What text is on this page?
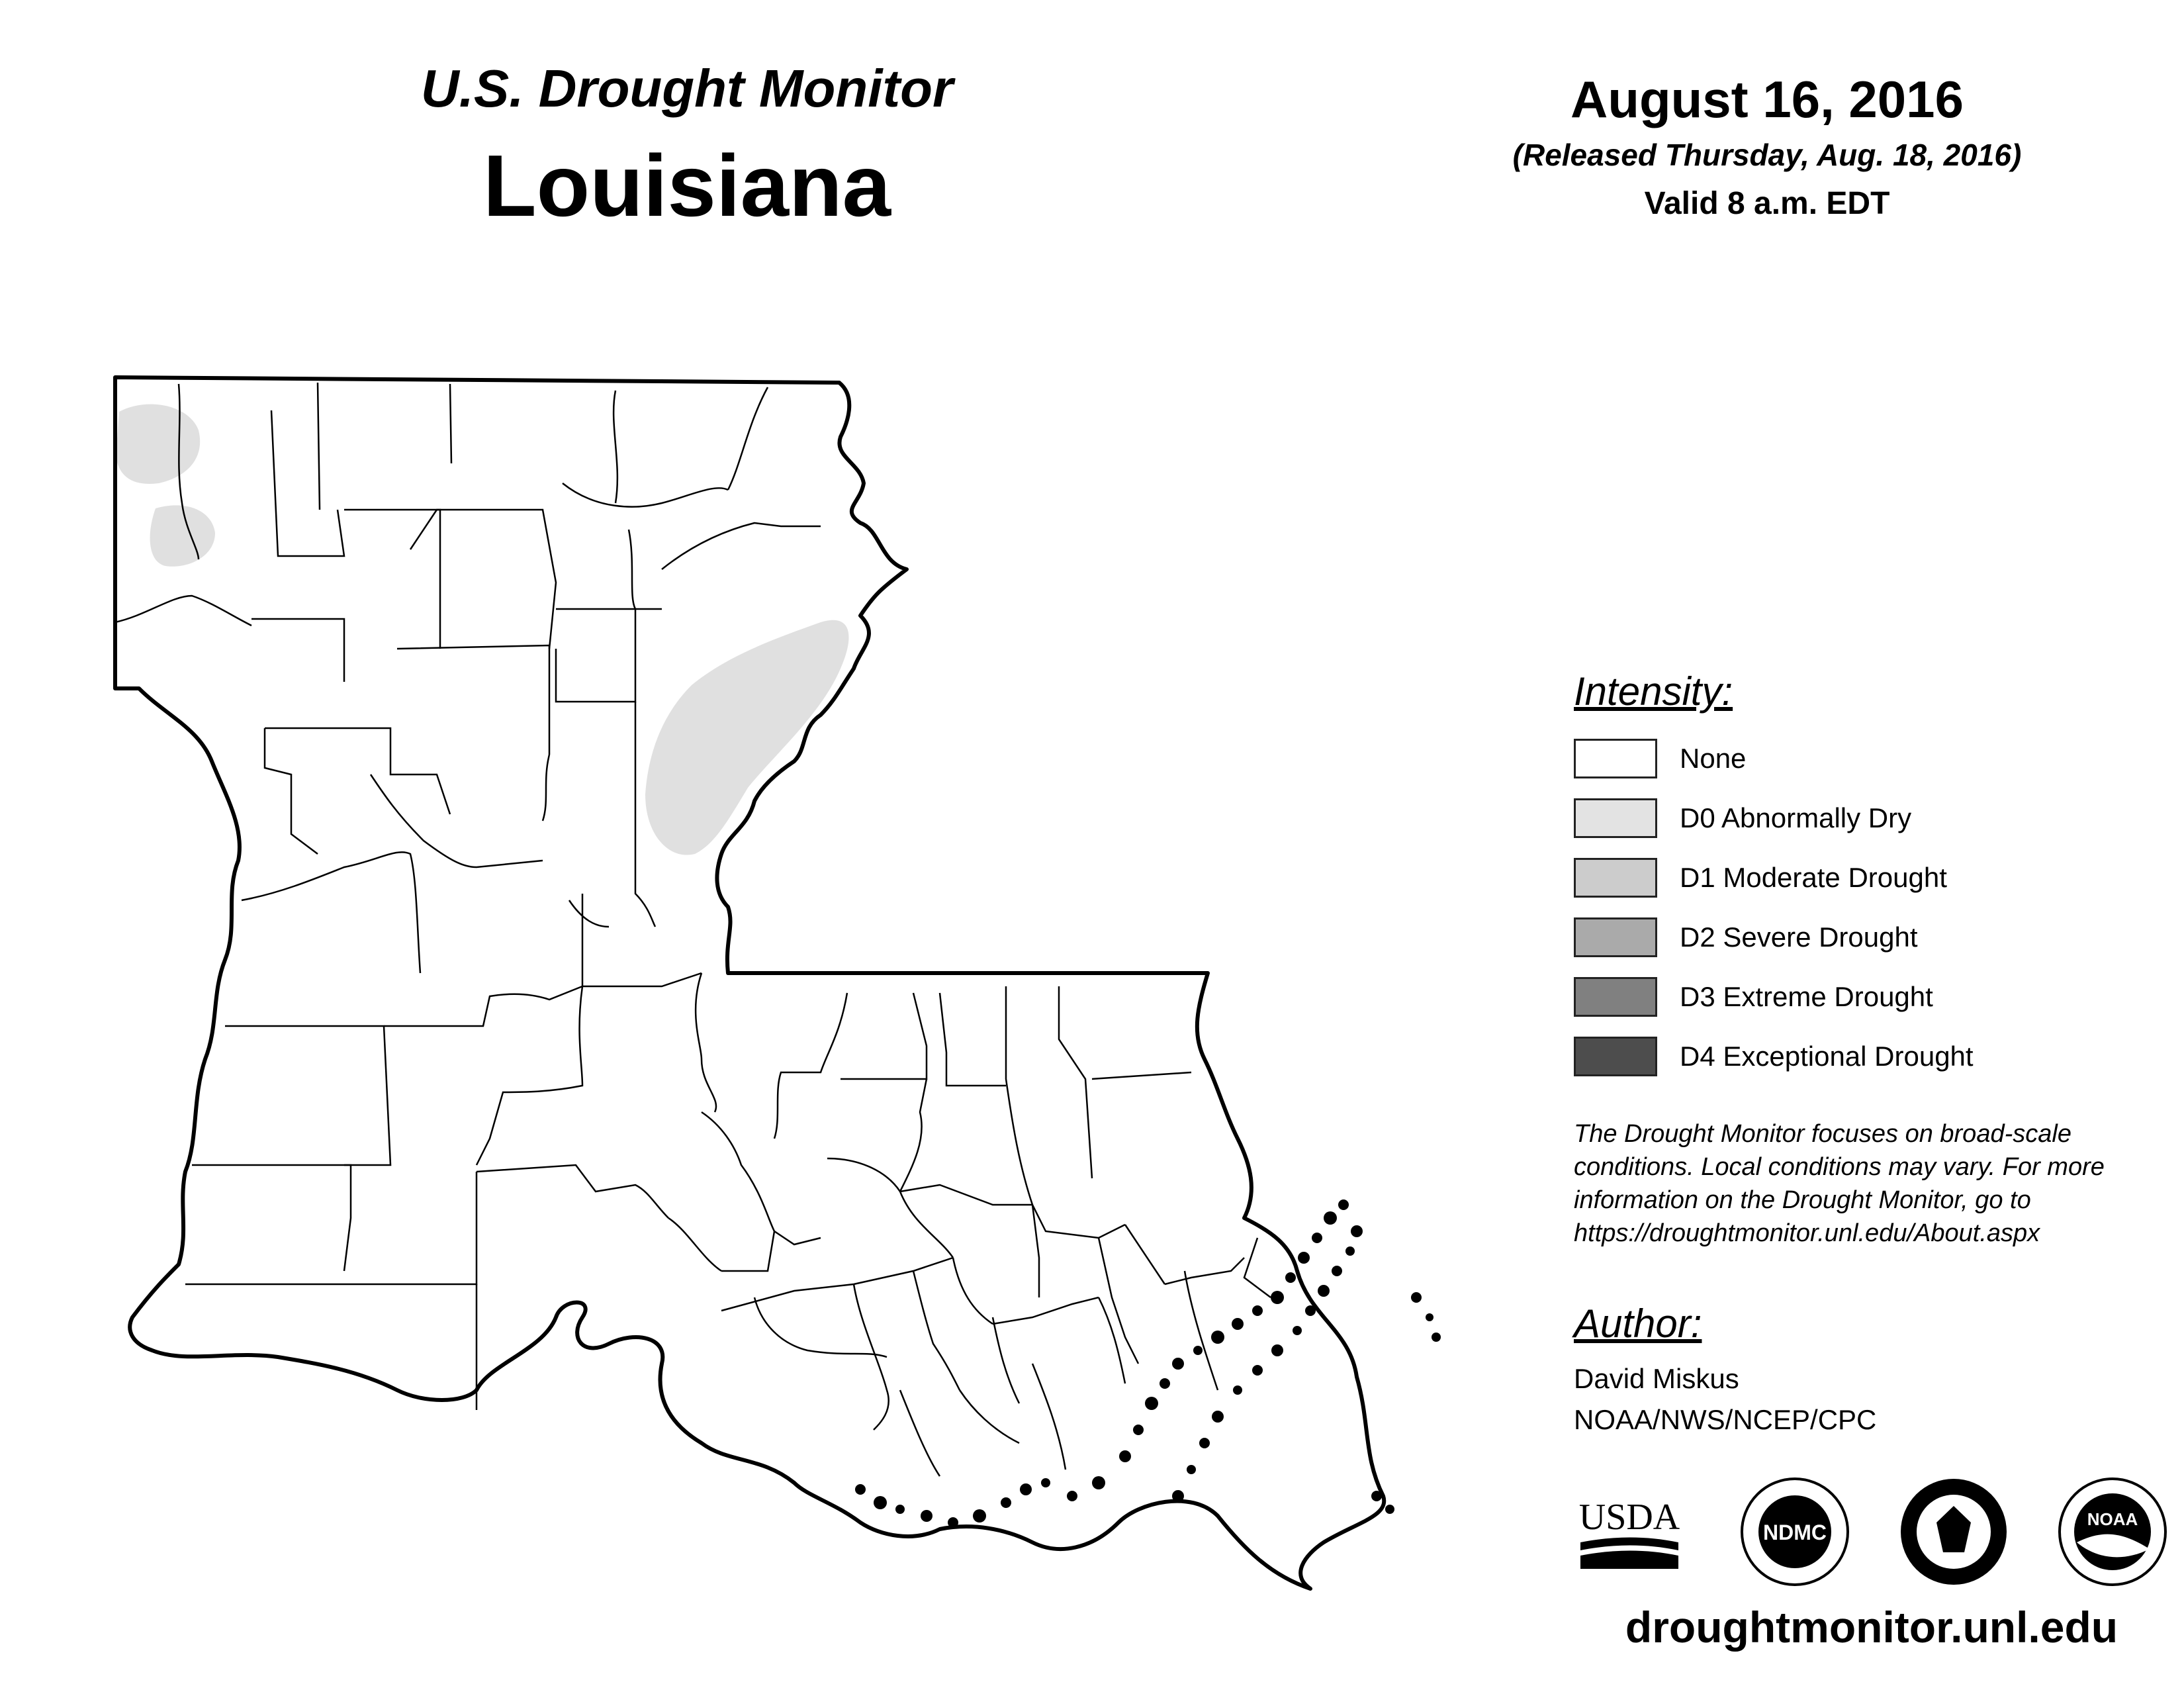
U.S. Drought Monitor
Louisiana
August 16, 2016
(Released Thursday, Aug. 18, 2016)
Valid 8 a.m. EDT
Intensity:
None
D0 Abnormally Dry
D1 Moderate Drought
D2 Severe Drought
D3 Extreme Drought
D4 Exceptional Drought
The Drought Monitor focuses on broad-scale conditions. Local conditions may vary. For more information on the Drought Monitor, go to https://droughtmonitor.unl.edu/About.aspx
Author:
David Miskus
NOAA/NWS/NCEP/CPC
USDA	NDMC
NOAA
droughtmonitor.unl.edu
